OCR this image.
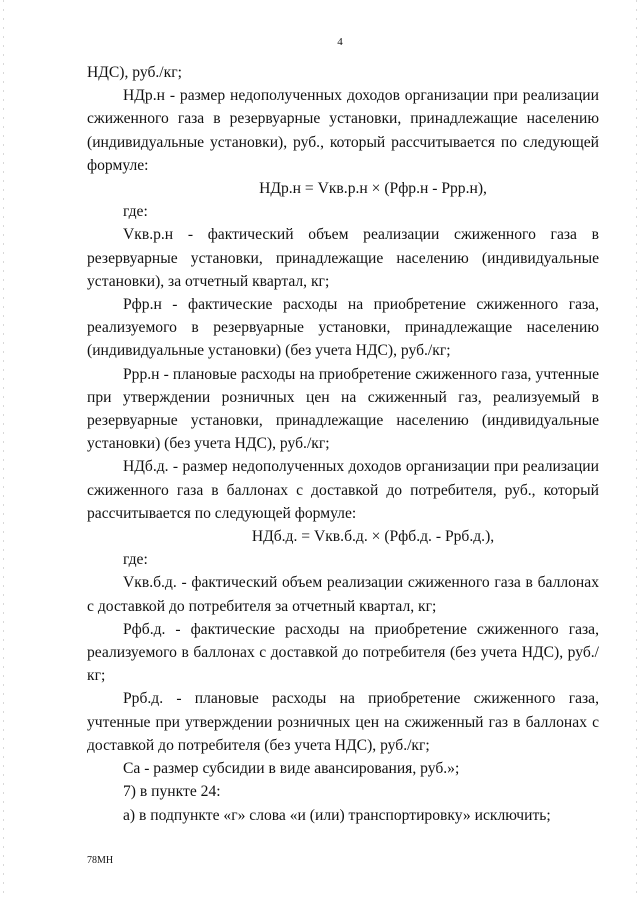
4

НДС), руб./кг;

НДр.н - размер недополученных доходов организации при реализации сжиженного газа в резервуарные установки, принадлежащие населению (индивидуальные установки), руб., который рассчитывается по следующей формуле:

НДр.н = Vкв.р.н × (Рфр.н - Ррр.н),

где:

Vкв.р.н - фактический объем реализации сжиженного газа в резервуарные установки, принадлежащие населению (индивидуальные установки), за отчетный квартал, кг;

Рфр.н - фактические расходы на приобретение сжиженного газа, реализуемого в резервуарные установки, принадлежащие населению (индивидуальные установки) (без учета НДС), руб./кг;

Ррр.н - плановые расходы на приобретение сжиженного газа, учтенные при утверждении розничных цен на сжиженный газ, реализуемый в резервуарные установки, принадлежащие населению (индивидуальные установки) (без учета НДС), руб./кг;

НДб.д. - размер недополученных доходов организации при реализации сжиженного газа в баллонах с доставкой до потребителя, руб., который рассчитывается по следующей формуле:

НДб.д. = Vкв.б.д. × (Рфб.д. - Ррб.д.),

где:

Vкв.б.д. - фактический объем реализации сжиженного газа в баллонах с доставкой до потребителя за отчетный квартал, кг;

Рфб.д. - фактические расходы на приобретение сжиженного газа, реализуемого в баллонах с доставкой до потребителя (без учета НДС), руб./кг;

Ррб.д. - плановые расходы на приобретение сжиженного газа, учтенные при утверждении розничных цен на сжиженный газ в баллонах с доставкой до потребителя (без учета НДС), руб./кг;

Са - размер субсидии в виде авансирования, руб.»;

7) в пункте 24:

а) в подпункте «г» слова «и (или) транспортировку» исключить;

78МН
